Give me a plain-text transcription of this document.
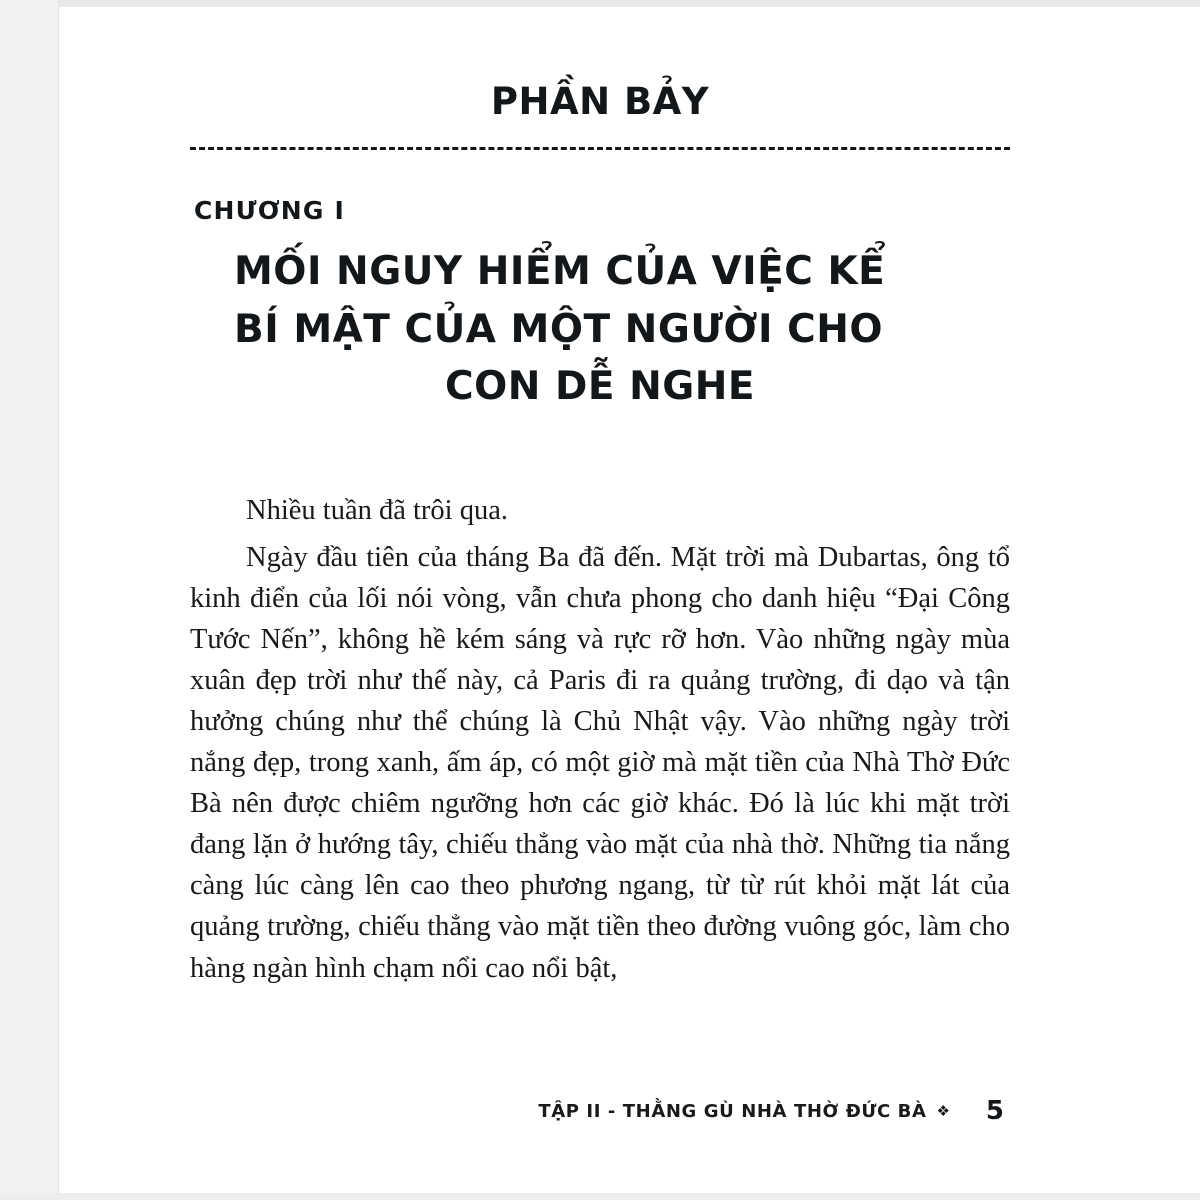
PHẦN BẢY
CHƯƠNG I
MỐI NGUY HIỂM CỦA VIỆC KỂ
BÍ MẬT CỦA MỘT NGƯỜI CHO
CON DỄ NGHE

Nhiều tuần đã trôi qua.

Ngày đầu tiên của tháng Ba đã đến. Mặt trời mà Dubartas, ông tổ kinh điển của lối nói vòng, vẫn chưa phong cho danh hiệu “Đại Công Tước Nến”, không hề kém sáng và rực rỡ hơn. Vào những ngày mùa xuân đẹp trời như thế này, cả Paris đi ra quảng trường, đi dạo và tận hưởng chúng như thể chúng là Chủ Nhật vậy. Vào những ngày trời nắng đẹp, trong xanh, ấm áp, có một giờ mà mặt tiền của Nhà Thờ Đức Bà nên được chiêm ngưỡng hơn các giờ khác. Đó là lúc khi mặt trời đang lặn ở hướng tây, chiếu thẳng vào mặt của nhà thờ. Những tia nắng càng lúc càng lên cao theo phương ngang, từ từ rút khỏi mặt lát của quảng trường, chiếu thẳng vào mặt tiền theo đường vuông góc, làm cho hàng ngàn hình chạm nổi cao nổi bật,

TẬP II - THẰNG GÙ NHÀ THỜ ĐỨC BÀ ❖	5
